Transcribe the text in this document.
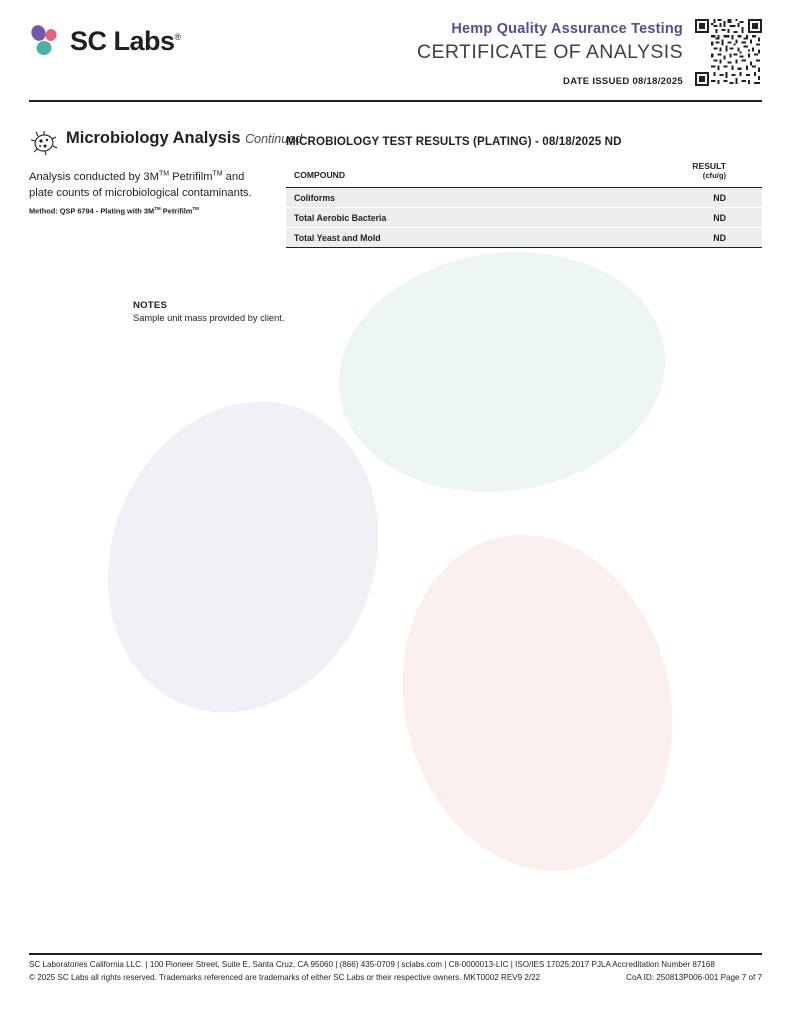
SC Labs®	Hemp Quality Assurance Testing

CERTIFICATE OF ANALYSIS

DATE ISSUED 08/18/2025
Microbiology Analysis Continued
Analysis conducted by 3M™ Petrifilm™ and plate counts of microbiological contaminants.
Method: QSP 6794 - Plating with 3M™ Petrifilm™
NOTES
Sample unit mass provided by client.
MICROBIOLOGY TEST RESULTS (PLATING) - 08/18/2025 ND
COMPOUND	RESULT
(cfu/g)

Coliforms	ND
Total Aerobic Bacteria	ND
Total Yeast and Mold	ND
SC Laboratories California LLC. | 100 Pioneer Street, Suite E, Santa Cruz, CA 95060 | (866) 435-0709 | sclabs.com | C8-0000013-LIC | ISO/IES 17025:2017 PJLA Accreditation Number 87168
© 2025 SC Labs all rights reserved. Trademarks referenced are trademarks of either SC Labs or their respective owners. MKT0002 REV9 2/22	CoA ID: 250813P006-001 Page 7 of 7
